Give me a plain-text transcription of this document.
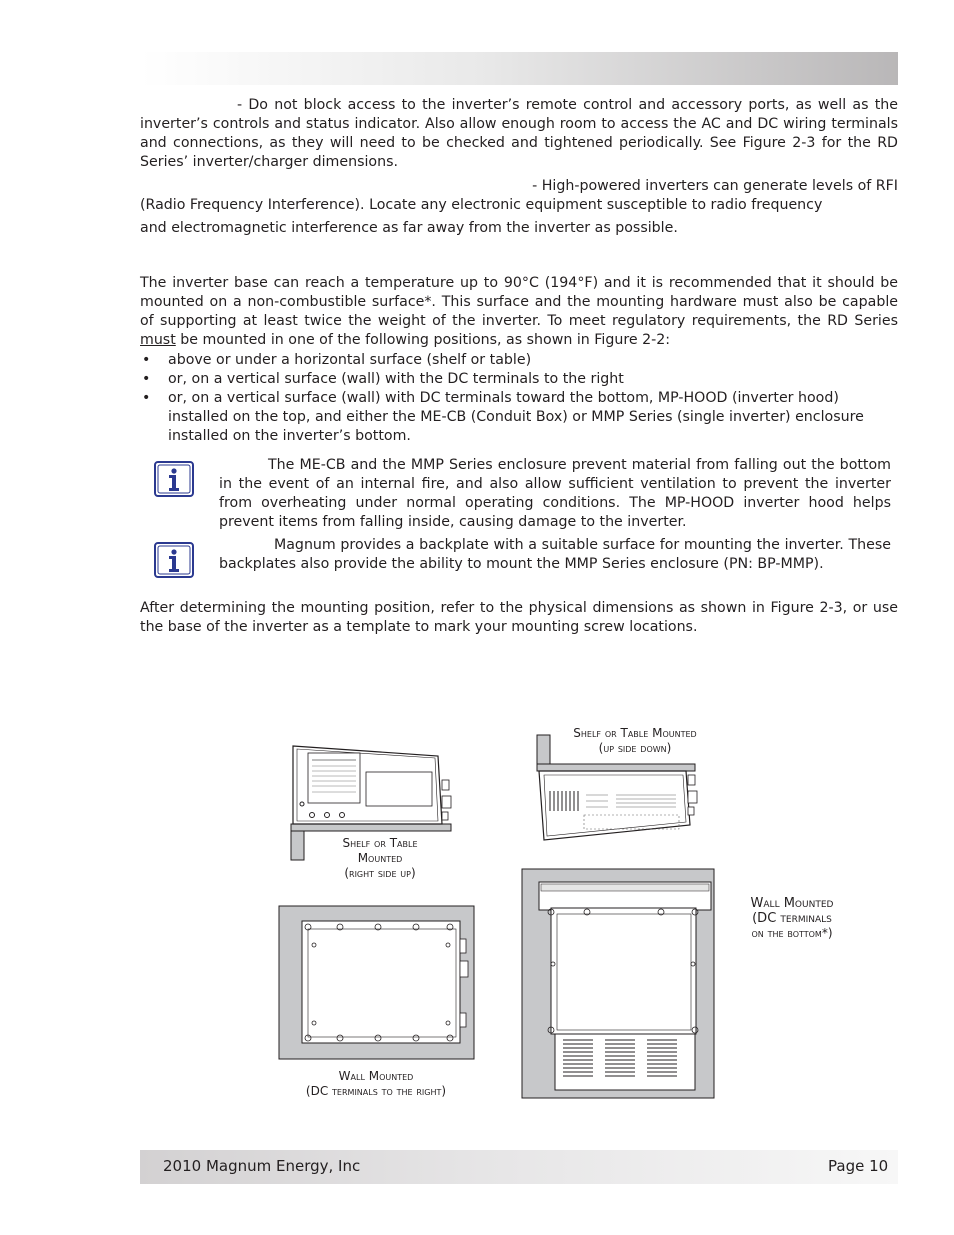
- Do not block access to the inverter’s remote control and accessory ports, as well as the inverter’s controls and status indicator. Also allow enough room to access the AC and DC wiring terminals and connections, as they will need to be checked and tightened periodically. See Figure 2-3 for the RD Series’ inverter/charger dimensions.

- High-powered inverters can generate levels of RFI

(Radio Frequency Interference). Locate any electronic equipment susceptible to radio frequency

and electromagnetic interference as far away from the inverter as possible.

The inverter base can reach a temperature up to 90°C (194°F) and it is recommended that it should be mounted on a non-combustible surface*. This surface and the mounting hardware must also be capable of supporting at least twice the weight of the inverter. To meet regulatory requirements, the RD Series must be mounted in one of the following positions, as shown in Figure 2-2:

• above or under a horizontal surface (shelf or table)
• or, on a vertical surface (wall) with the DC terminals to the right
• or, on a vertical surface (wall) with DC terminals toward the bottom, MP-HOOD (inverter hood) installed on the top, and either the ME-CB (Conduit Box) or MMP Series (single inverter) enclosure installed on the inverter’s bottom.

The ME-CB and the MMP Series enclosure prevent material from falling out the bottom in the event of an internal fire, and also allow sufficient ventilation to prevent the inverter from overheating under normal operating conditions. The MP-HOOD inverter hood helps prevent items from falling inside, causing damage to the inverter.

Magnum provides a backplate with a suitable surface for mounting the inverter. These backplates also provide the ability to mount the MMP Series enclosure (PN: BP-MMP).

After determining the mounting position, refer to the physical dimensions as shown in Figure 2-3, or use the base of the inverter as a template to mark your mounting screw locations.

Shelf or Table
Mounted
(right side up)
Shelf or Table Mounted
(up side down)
Wall Mounted
(DC terminals to the right)
Wall Mounted
(DC terminals
on the bottom*)
2010 Magnum Energy, Inc	Page 10
